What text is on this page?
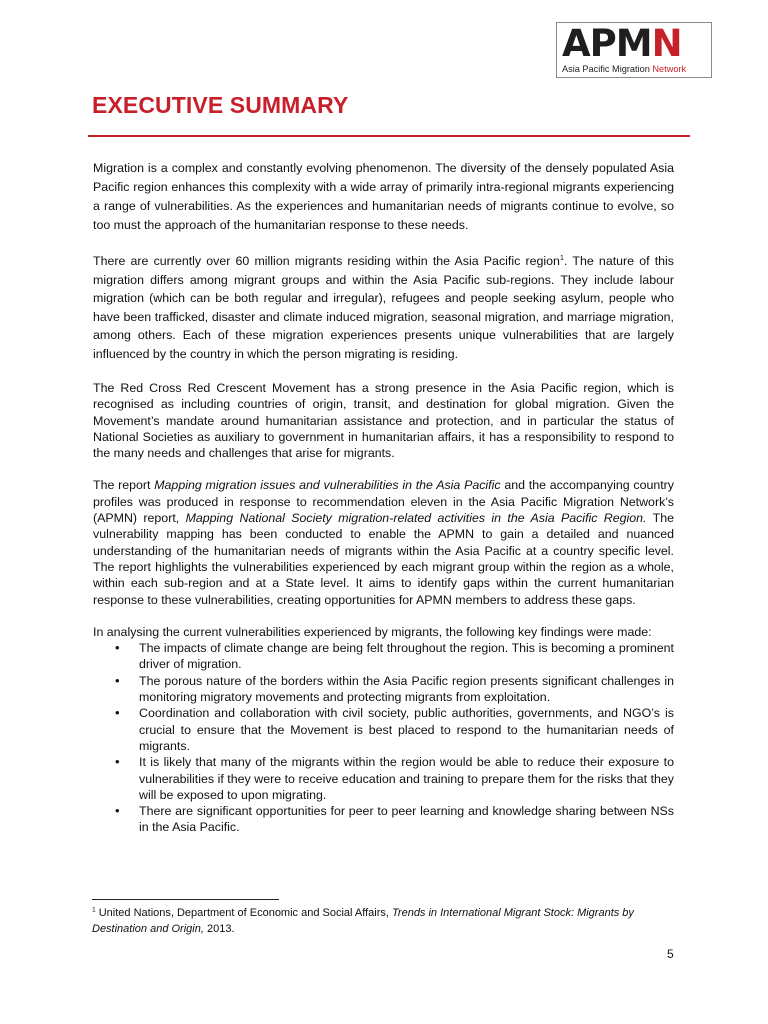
APMN
Asia Pacific Migration Network
EXECUTIVE SUMMARY

Migration is a complex and constantly evolving phenomenon. The diversity of the densely populated Asia Pacific region enhances this complexity with a wide array of primarily intra-regional migrants experiencing a range of vulnerabilities. As the experiences and humanitarian needs of migrants continue to evolve, so too must the approach of the humanitarian response to these needs.

There are currently over 60 million migrants residing within the Asia Pacific region$^1$. The nature of this migration differs among migrant groups and within the Asia Pacific sub-regions. They include labour migration (which can be both regular and irregular), refugees and people seeking asylum, people who have been trafficked, disaster and climate induced migration, seasonal migration, and marriage migration, among others. Each of these migration experiences presents unique vulnerabilities that are largely influenced by the country in which the person migrating is residing.

The Red Cross Red Crescent Movement has a strong presence in the Asia Pacific region, which is recognised as including countries of origin, transit, and destination for global migration. Given the Movement’s mandate around humanitarian assistance and protection, and in particular the status of National Societies as auxiliary to government in humanitarian affairs, it has a responsibility to respond to the many needs and challenges that arise for migrants.

The report Mapping migration issues and vulnerabilities in the Asia Pacific and the accompanying country profiles was produced in response to recommendation eleven in the Asia Pacific Migration Network’s (APMN) report, Mapping National Society migration-related activities in the Asia Pacific Region. The vulnerability mapping has been conducted to enable the APMN to gain a detailed and nuanced understanding of the humanitarian needs of migrants within the Asia Pacific at a country specific level. The report highlights the vulnerabilities experienced by each migrant group within the region as a whole, within each sub-region and at a State level. It aims to identify gaps within the current humanitarian response to these vulnerabilities, creating opportunities for APMN members to address these gaps.

In analysing the current vulnerabilities experienced by migrants, the following key findings were made:

• The impacts of climate change are being felt throughout the region. This is becoming a prominent driver of migration.
• The porous nature of the borders within the Asia Pacific region presents significant challenges in monitoring migratory movements and protecting migrants from exploitation.
• Coordination and collaboration with civil society, public authorities, governments, and NGO’s is crucial to ensure that the Movement is best placed to respond to the humanitarian needs of migrants.
• It is likely that many of the migrants within the region would be able to reduce their exposure to vulnerabilities if they were to receive education and training to prepare them for the risks that they will be exposed to upon migrating.
• There are significant opportunities for peer to peer learning and knowledge sharing between NSs in the Asia Pacific.
$^1$ United Nations, Department of Economic and Social Affairs, Trends in International Migrant Stock: Migrants by Destination and Origin, 2013.
5
